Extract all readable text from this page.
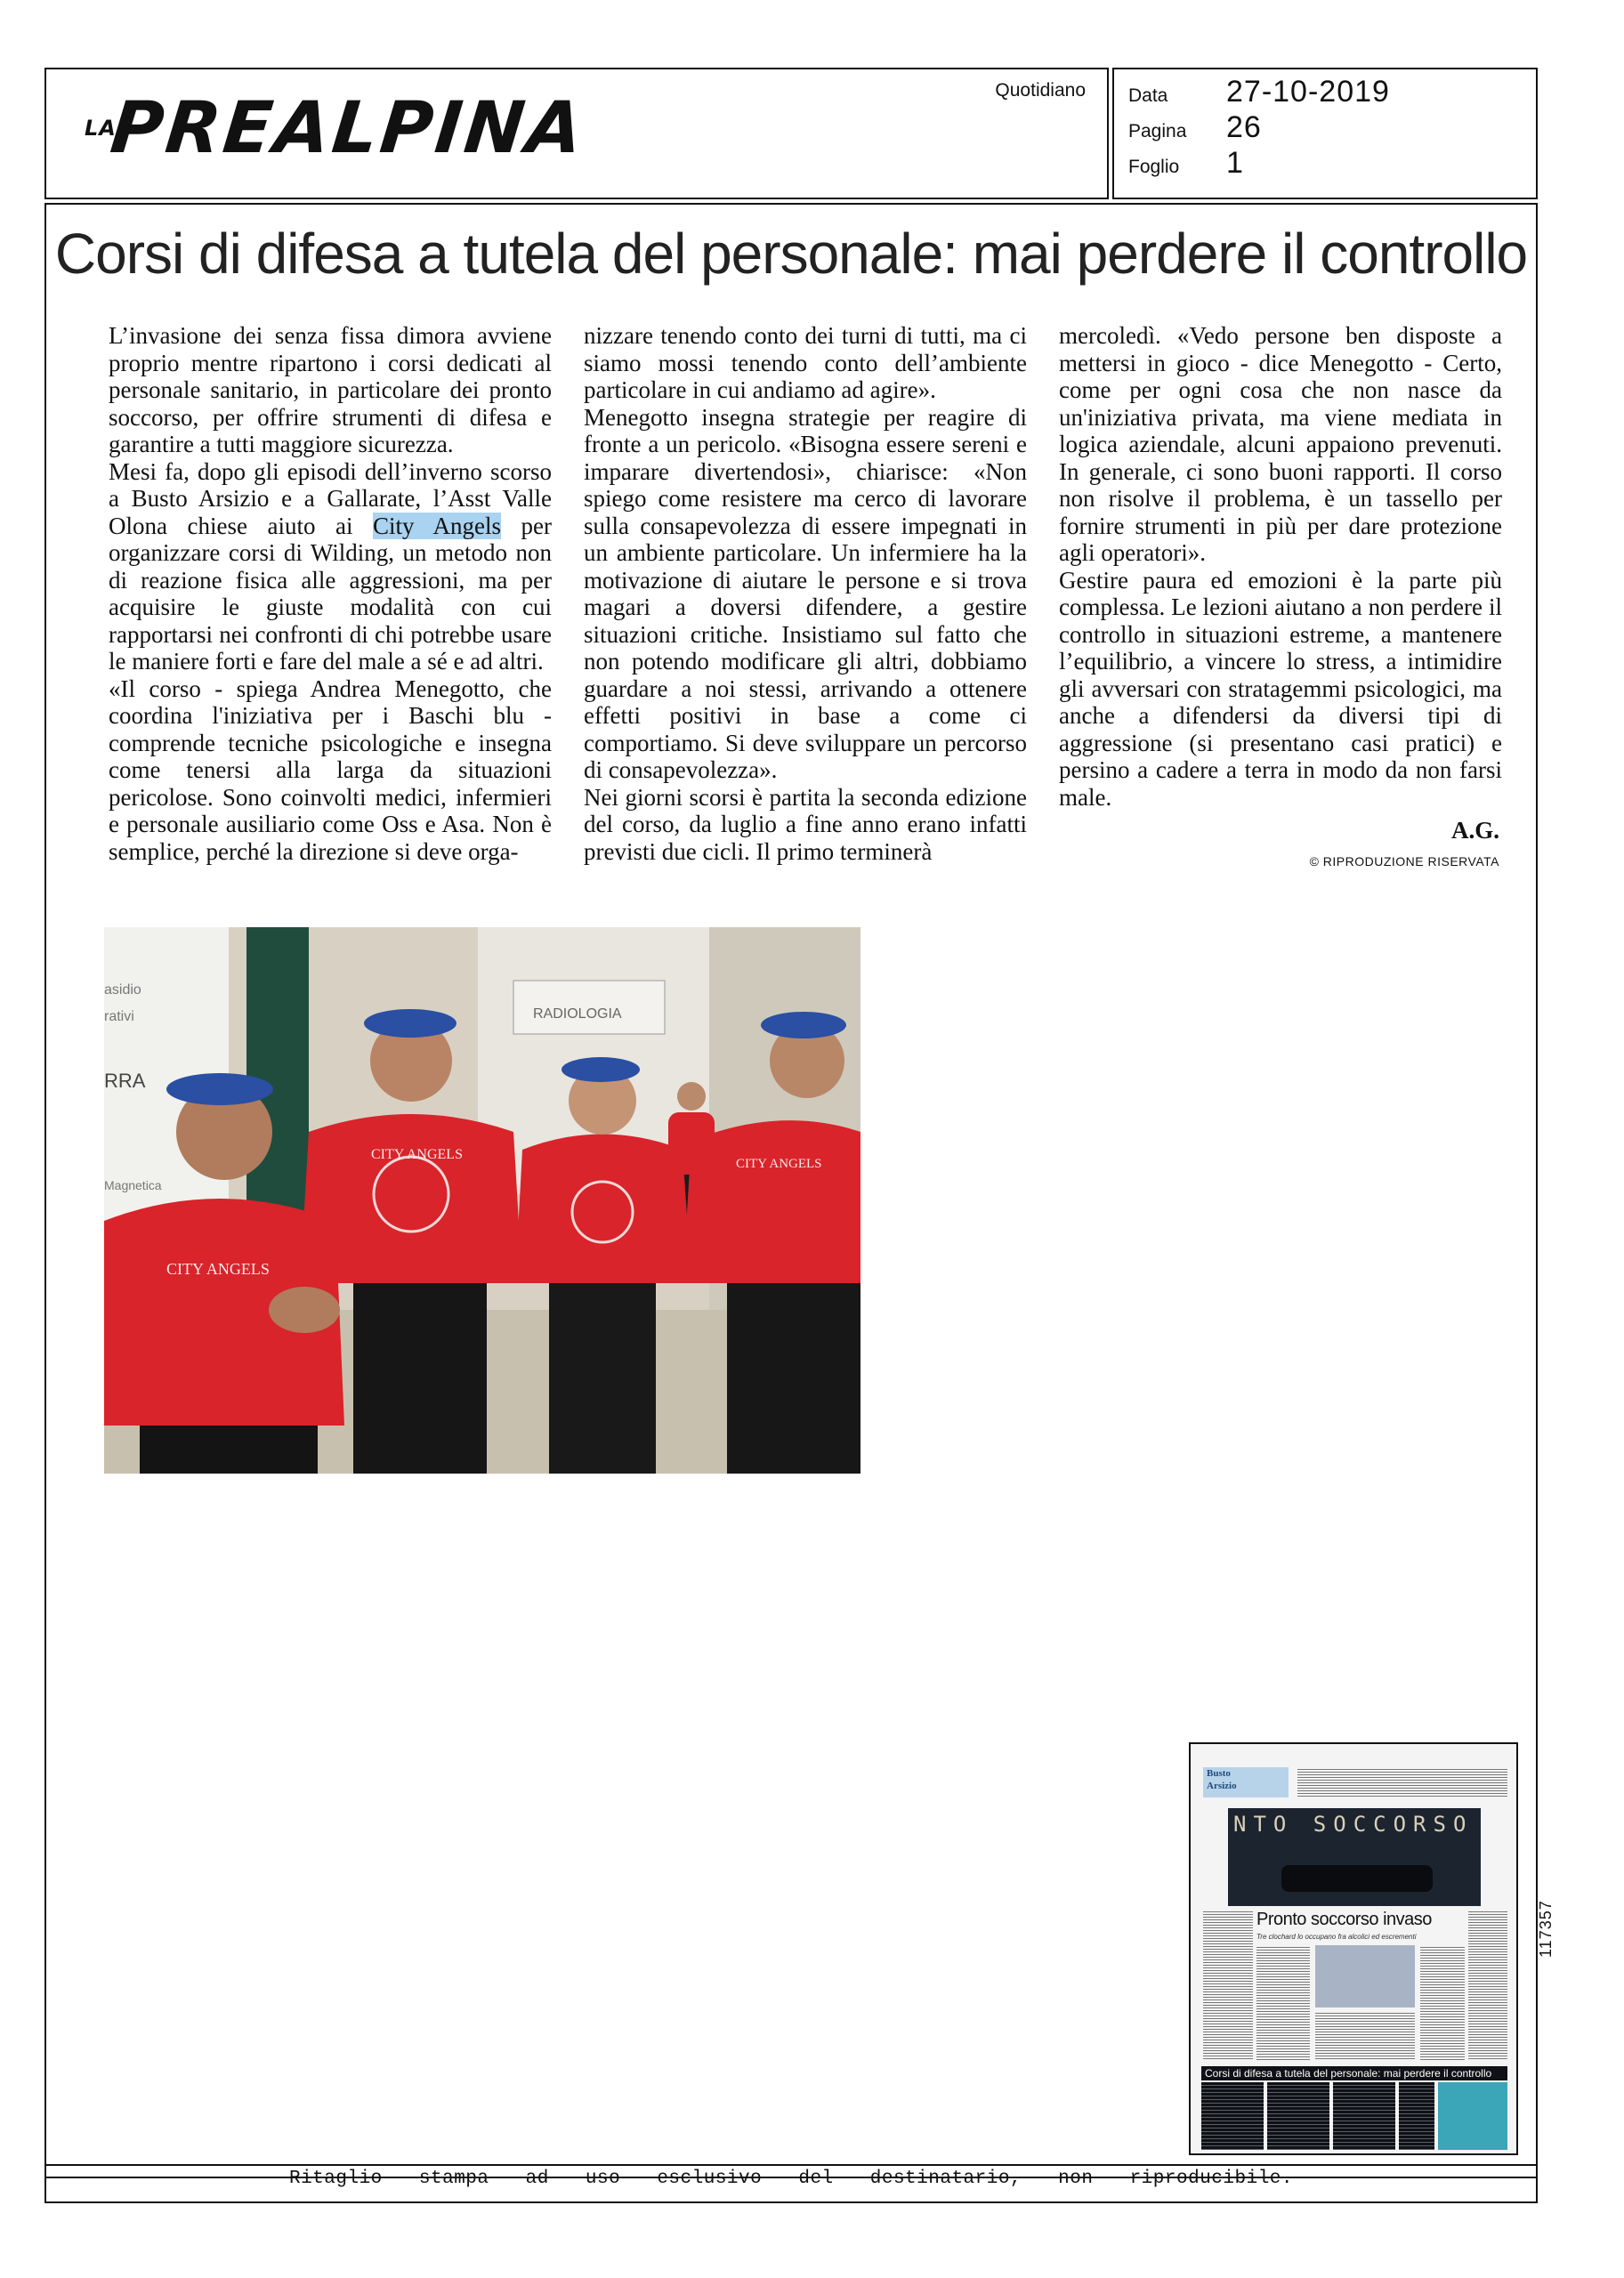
LA
PREALPINA	Quotidiano Data	27-10-2019
Pagina	26
Foglio	1
Corsi di difesa a tutela del personale: mai perdere il controllo

L’invasione dei senza fissa dimora avviene proprio mentre ripartono i corsi dedicati al personale sanitario, in particolare dei pronto soccorso, per offrire strumenti di difesa e garantire a tutti maggiore sicurezza.

Mesi fa, dopo gli episodi dell’inverno scorso a Busto Arsizio e a Gallarate, l’Asst Valle Olona chiese aiuto ai City Angels per organizzare corsi di Wilding, un metodo non di reazione fisica alle aggressioni, ma per acquisire le giuste modalità con cui rapportarsi nei confronti di chi potrebbe usare le maniere forti e fare del male a sé e ad altri.

«Il corso - spiega Andrea Menegotto, che coordina l'iniziativa per i Baschi blu - comprende tecniche psicologiche e insegna come tenersi alla larga da situazioni pericolose. Sono coinvolti medici, infermieri e personale ausiliario come Oss e Asa. Non è semplice, perché la direzione si deve orga-

nizzare tenendo conto dei turni di tutti, ma ci siamo mossi tenendo conto dell’ambiente particolare in cui andiamo ad agire».

Menegotto insegna strategie per reagire di fronte a un pericolo. «Bisogna essere sereni e imparare divertendosi», chiarisce: «Non spiego come resistere ma cerco di lavorare sulla consapevolezza di essere impegnati in un ambiente particolare. Un infermiere ha la motivazione di aiutare le persone e si trova magari a doversi difendere, a gestire situazioni critiche. Insistiamo sul fatto che non potendo modificare gli altri, dobbiamo guardare a noi stessi, arrivando a ottenere effetti positivi in base a come ci comportiamo. Si deve sviluppare un percorso di consapevolezza».

Nei giorni scorsi è partita la seconda edizione del corso, da luglio a fine anno erano infatti previsti due cicli. Il primo terminerà

mercoledì. «Vedo persone ben disposte a mettersi in gioco - dice Menegotto - Certo, come per ogni cosa che non nasce da un'iniziativa privata, ma viene mediata in logica aziendale, alcuni appaiono prevenuti. In generale, ci sono buoni rapporti. Il corso non risolve il problema, è un tassello per fornire strumenti in più per dare protezione agli operatori».

Gestire paura ed emozioni è la parte più complessa. Le lezioni aiutano a non perdere il controllo in situazioni estreme, a mantenere l’equilibrio, a vincere lo stress, a intimidire gli avversari con stratagemmi psicologici, ma anche a difendersi da diversi tipi di aggressione (si presentano casi pratici) e persino a cadere a terra in modo da non farsi male.

A.G.
© RIPRODUZIONE RISERVATA
RADIOLOGIA
asidio
rativi
RRA
Magnetica
CITY ANGELS
CITY ANGELS
CITY ANGELS
Busto
Arsizio
NTO SOCCORSO
Pronto soccorso invaso
Tre clochard lo occupano fra alcolici ed escrementi
Corsi di difesa a tutela del personale: mai perdere il controllo
117357
Ritaglio stampa ad uso esclusivo del destinatario, non riproducibile.
